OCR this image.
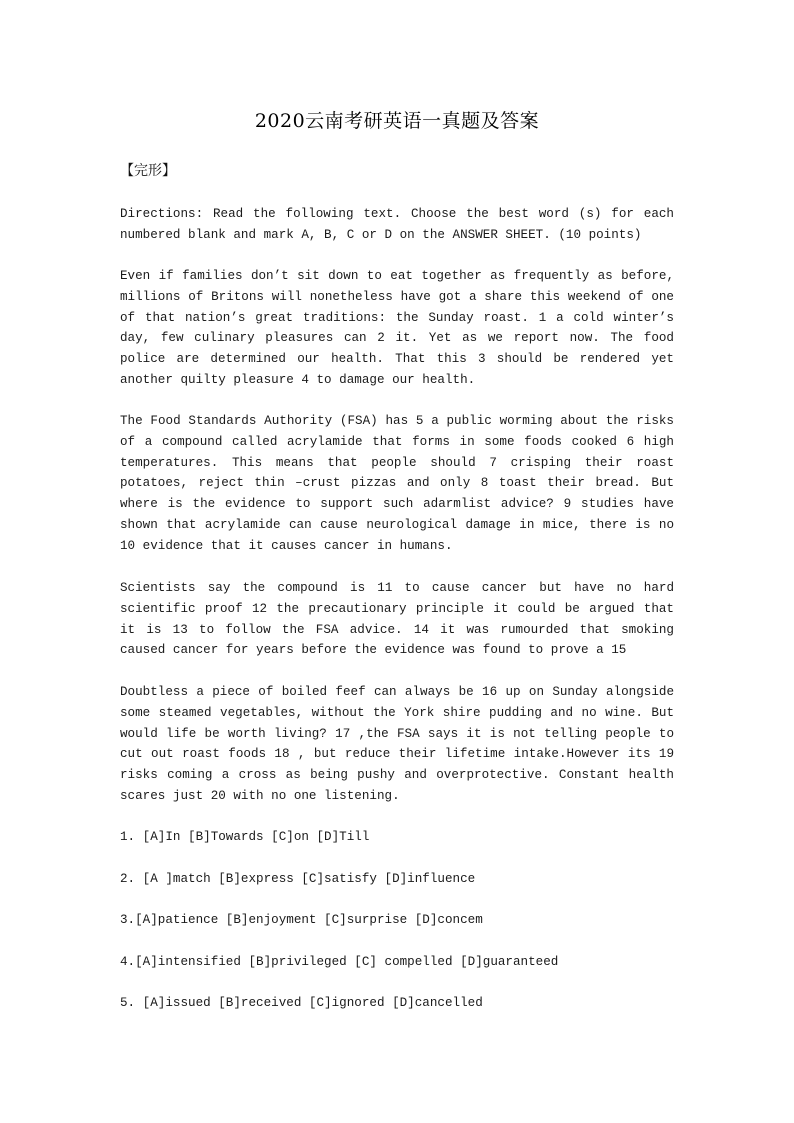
2020云南考研英语一真题及答案
【完形】

Directions: Read the following text. Choose the best word (s) for each numbered blank and mark A, B, C or D on the ANSWER SHEET. (10 points)

Even if families don’t sit down to eat together as frequently as before, millions of Britons will nonetheless have got a share this weekend of one of that nation’s great traditions: the Sunday roast. 1 a cold winter’s day, few culinary pleasures can 2 it. Yet as we report now. The food police are determined our health. That this 3 should be rendered yet another quilty pleasure 4 to damage our health.

The Food Standards Authority (FSA) has 5 a public worming about the risks of a compound called acrylamide that forms in some foods cooked 6 high temperatures. This means that people should 7 crisping their roast potatoes, reject thin –crust pizzas and only 8 toast their bread. But where is the evidence to support such adarmlist advice? 9 studies have shown that acrylamide can cause neurological damage in mice, there is no 10 evidence that it causes cancer in humans.

Scientists say the compound is 11 to cause cancer but have no hard scientific proof 12 the precautionary principle it could be argued that it is 13 to follow the FSA advice. 14 it was rumourded that smoking caused cancer for years before the evidence was found to prove a 15

Doubtless a piece of boiled feef can always be 16 up on Sunday alongside some steamed vegetables, without the York shire pudding and no wine. But would life be worth living? 17 ,the FSA says it is not telling people to cut out roast foods 18 , but reduce their lifetime intake.However its 19 risks coming a cross as being pushy and overprotective. Constant health scares just 20 with no one listening.

1. [A]In [B]Towards [C]on [D]Till

2. [A ]match [B]express [C]satisfy [D]influence

3.[A]patience [B]enjoyment [C]surprise [D]concem

4.[A]intensified [B]privileged [C] compelled [D]guaranteed

5. [A]issued [B]received [C]ignored [D]cancelled
